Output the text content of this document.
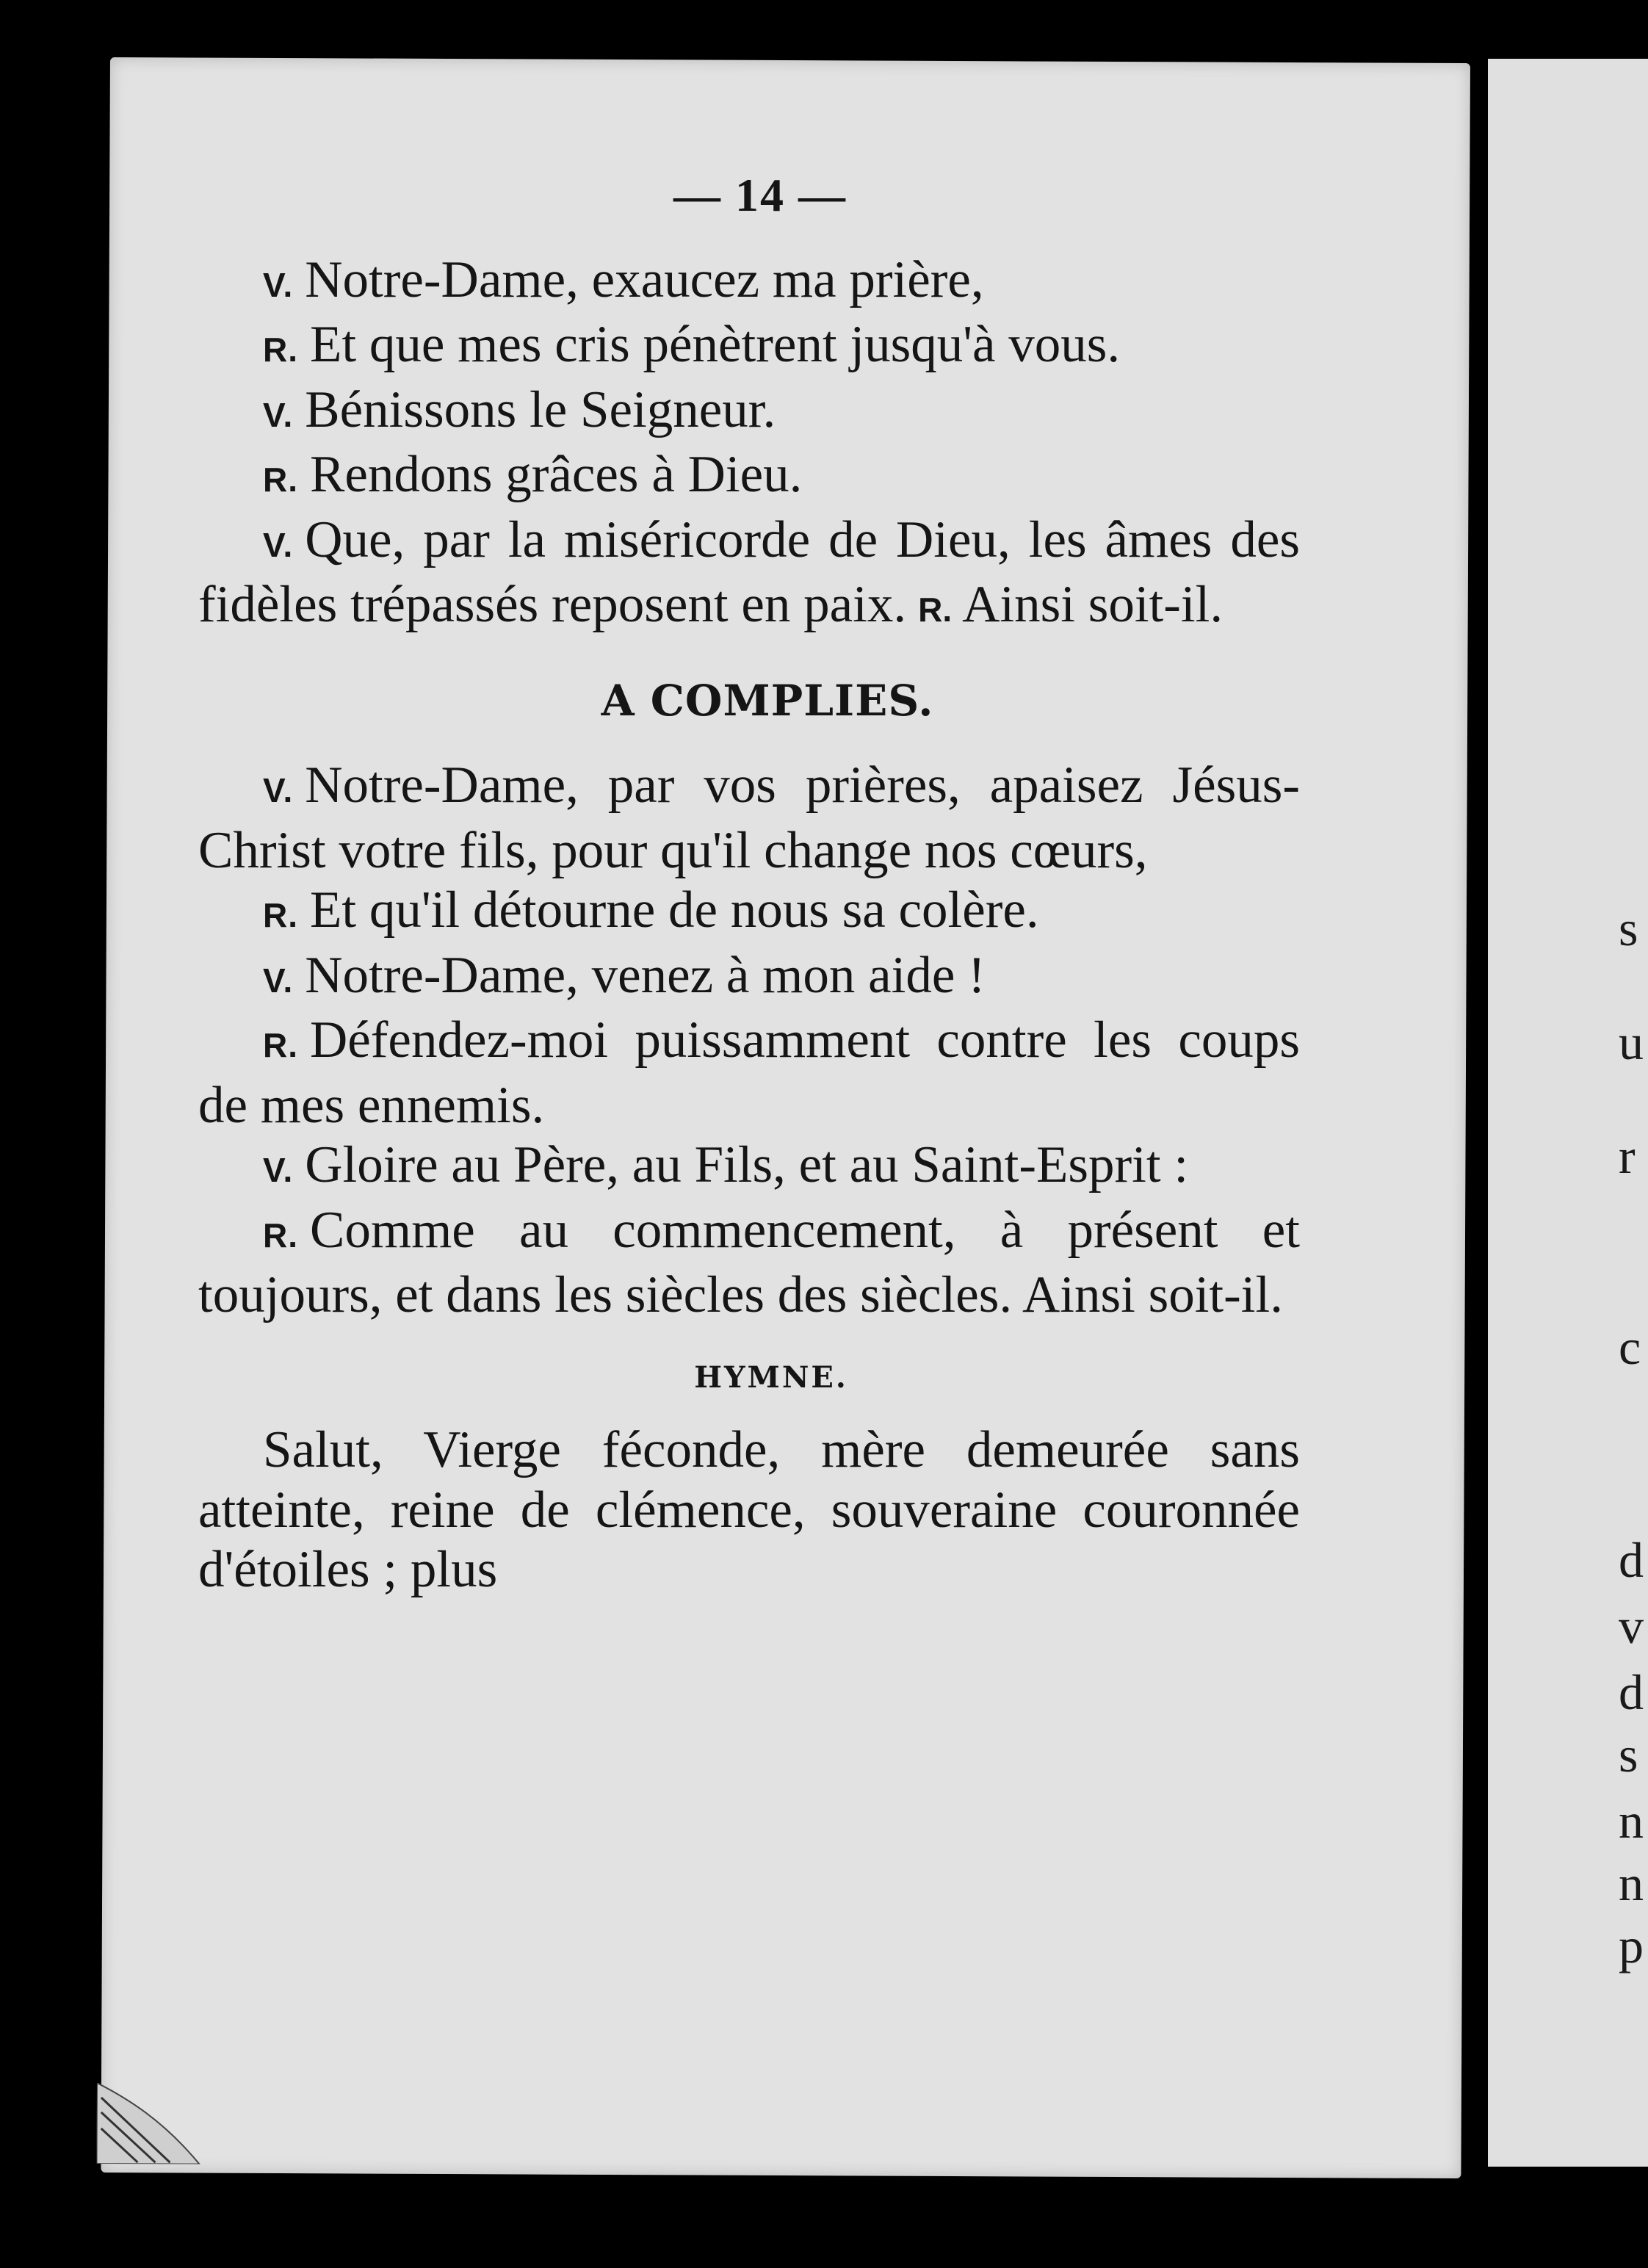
s
u
r
c
d
v
d
s
n
n
p
— 14 —

V. Notre-Dame, exaucez ma prière,

R. Et que mes cris pénètrent jusqu'à vous.

V. Bénissons le Seigneur.

R. Rendons grâces à Dieu.

V. Que, par la miséricorde de Dieu, les âmes des fidèles trépassés reposent en paix. R. Ainsi soit-il.

A COMPLIES.

V. Notre-Dame, par vos prières, apaisez Jésus-Christ votre fils, pour qu'il change nos cœurs,

R. Et qu'il détourne de nous sa colère.

V. Notre-Dame, venez à mon aide !

R. Défendez-moi puissamment contre les coups de mes ennemis.

V. Gloire au Père, au Fils, et au Saint-Esprit :

R. Comme au commencement, à présent et toujours, et dans les siècles des siècles. Ainsi soit-il.

HYMNE.

Salut, Vierge féconde, mère demeurée sans atteinte, reine de clémence, souveraine couronnée d'étoiles ; plus
